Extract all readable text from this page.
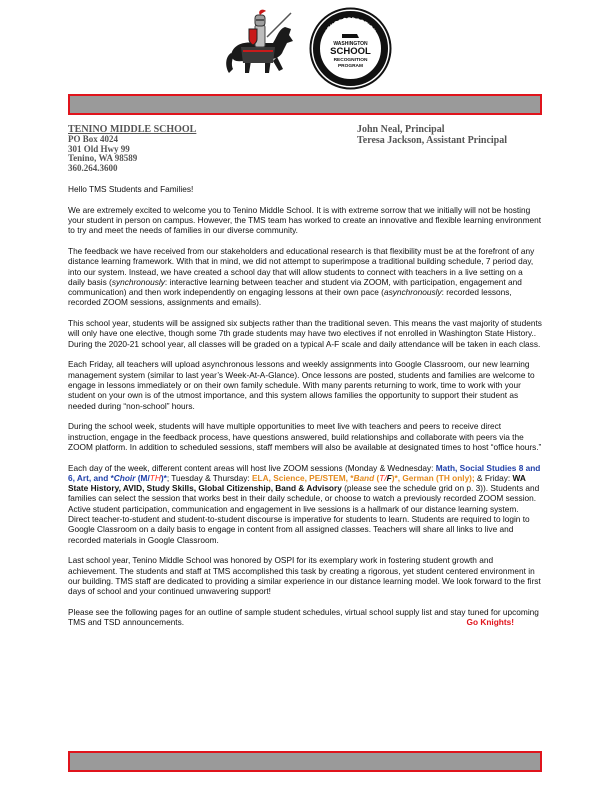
#ENGAGEDACTION
WASHINGTON
SCHOOL
RECOGNITION
PROGRAM
TENINO MIDDLE SCHOOL
PO Box 4024
301 Old Hwy 99
Tenino, WA 98589
360.264.3600
John Neal, Principal
Teresa Jackson, Assistant Principal

Hello TMS Students and Families!

We are extremely excited to welcome you to Tenino Middle School. It is with extreme sorrow that we initially will not be hosting your student in person on campus. However, the TMS team has worked to create an innovative and flexible learning environment to try and meet the needs of families in our diverse community.

The feedback we have received from our stakeholders and educational research is that flexibility must be at the forefront of any distance learning framework. With that in mind, we did not attempt to superimpose a traditional building schedule, 7 period day, into our system. Instead, we have created a school day that will allow students to connect with teachers in a live setting on a daily basis (synchronously: interactive learning between teacher and student via ZOOM, with participation, engagement and communication) and then work independently on engaging lessons at their own pace (asynchronously: recorded lessons, recorded ZOOM sessions, assignments and emails).

This school year, students will be assigned six subjects rather than the traditional seven. This means the vast majority of students will only have one elective, though some 7th grade students may have two electives if not enrolled in Washington State History.. During the 2020-21 school year, all classes will be graded on a typical A-F scale and daily attendance will be taken in each class.

Each Friday, all teachers will upload asynchronous lessons and weekly assignments into Google Classroom, our new learning management system (similar to last year’s Week-At-A-Glance). Once lessons are posted, students and families are welcome to engage in lessons immediately or on their own family schedule. With many parents returning to work, time to work with your student on your own is of the utmost importance, and this system allows families the opportunity to support their student as needed during “non-school” hours.

During the school week, students will have multiple opportunities to meet live with teachers and peers to receive direct instruction, engage in the feedback process, have questions answered, build relationships and collaborate with peers via the ZOOM platform. In addition to scheduled sessions, staff members will also be available at designated times to host “office hours.”

Each day of the week, different content areas will host live ZOOM sessions (Monday & Wednesday: Math, Social Studies 8 and 6, Art, and *Choir (M/TH)*; Tuesday & Thursday: ELA, Science, PE/STEM, *Band (T/F)*, German (TH only); & Friday: WA State History, AVID, Study Skills, Global Citizenship, Band & Advisory (please see the schedule grid on p. 3)). Students and families can select the session that works best in their daily schedule, or choose to watch a previously recorded ZOOM session. Active student participation, communication and engagement in live sessions is a hallmark of our distance learning system. Direct teacher-to-student and student-to-student discourse is imperative for students to learn. Students are required to login to Google Classroom on a daily basis to engage in content from all assigned classes. Teachers will share all links to live and recorded materials in Google Classroom.

Last school year, Tenino Middle School was honored by OSPI for its exemplary work in fostering student growth and achievement. The students and staff at TMS accomplished this task by creating a rigorous, yet student centered environment in our building. TMS staff are dedicated to providing a similar experience in our distance learning model. We look forward to the first days of school and your continued unwavering support!

Please see the following pages for an outline of sample student schedules, virtual school supply list and stay tuned for upcoming TMS and TSD announcements.	Go Knights!
